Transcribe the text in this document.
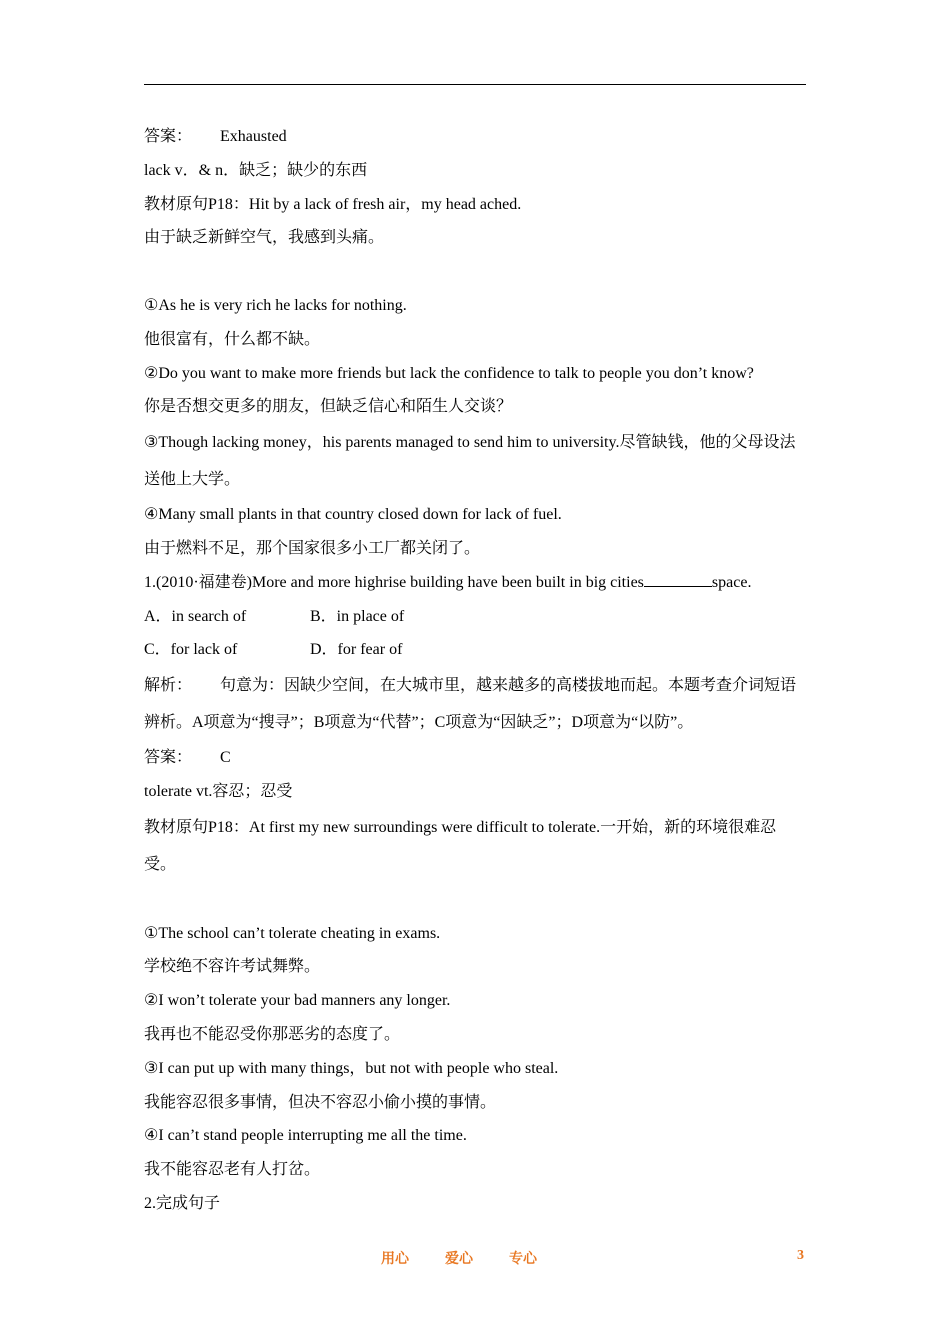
答案： Exhausted
lack v．& n．缺乏；缺少的东西
教材原句P18：Hit by a lack of fresh air，my head ached.
由于缺乏新鲜空气，我感到头痛。
①As he is very rich he lacks for nothing.
他很富有，什么都不缺。
②Do you want to make more friends but lack the confidence to talk to people you don’t know?
你是否想交更多的朋友，但缺乏信心和陌生人交谈？
③Though lacking money，his parents managed to send him to university.尽管缺钱，他的父母设法送他上大学。
④Many small plants in that country closed down for lack of fuel.
由于燃料不足，那个国家很多小工厂都关闭了。
1.(2010·福建卷)More and more highrise building have been built in big cities	space.
A．in search of	B．in place of
C．for lack of	D．for fear of
解析： 句意为：因缺少空间，在大城市里，越来越多的高楼拔地而起。本题考查介词短语辨析。A项意为“搜寻”；B项意为“代替”；C项意为“因缺乏”；D项意为“以防”。
答案： C
tolerate vt.容忍；忍受
教材原句P18：At first my new surroundings were difficult to tolerate.一开始，新的环境很难忍受。
①The school can’t tolerate cheating in exams.
学校绝不容许考试舞弊。
②I won’t tolerate your bad manners any longer.
我再也不能忍受你那恶劣的态度了。
③I can put up with many things，but not with people who steal.
我能容忍很多事情，但决不容忍小偷小摸的事情。
④I can’t stand people interrupting me all the time.
我不能容忍老有人打岔。
2.完成句子
用心	爱心	专心	3
